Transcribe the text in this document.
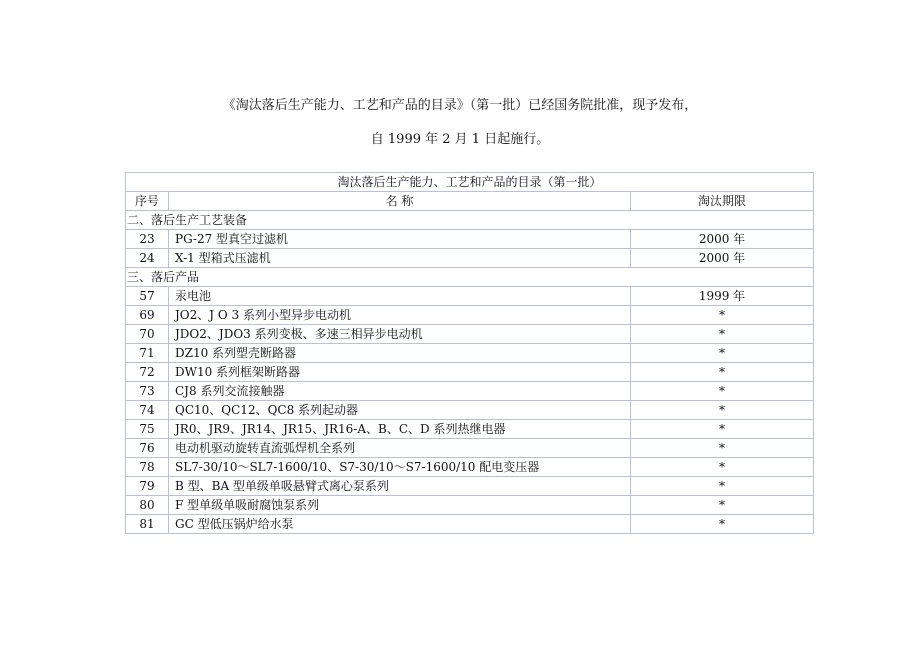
《淘汰落后生产能力、工艺和产品的目录》（第一批）已经国务院批准，现予发布，
自 1999 年 2 月 1 日起施行。
淘汰落后生产能力、工艺和产品的目录（第一批）		
序号	名 称	淘汰期限
二、落后生产工艺装备		
23	PG-27 型真空过滤机	2000 年
24	X-1 型箱式压滤机	2000 年
三、落后产品		
57	汞电池	1999 年
69	JO2、J O 3 系列小型异步电动机	*
70	JDO2、JDO3 系列变极、多速三相异步电动机	*
71	DZ10 系列塑壳断路器	*
72	DW10 系列框架断路器	*
73	CJ8 系列交流接触器	*
74	QC10、QC12、QC8 系列起动器	*
75	JR0、JR9、JR14、JR15、JR16-A、B、C、D 系列热继电器	*
76	电动机驱动旋转直流弧焊机全系列	*
78	SL7-30/10～SL7-1600/10、S7-30/10～S7-1600/10 配电变压器	*
79	B 型、BA 型单级单吸悬臂式离心泵系列	*
80	F 型单级单吸耐腐蚀泵系列	*
81	GC 型低压锅炉给水泵	*
